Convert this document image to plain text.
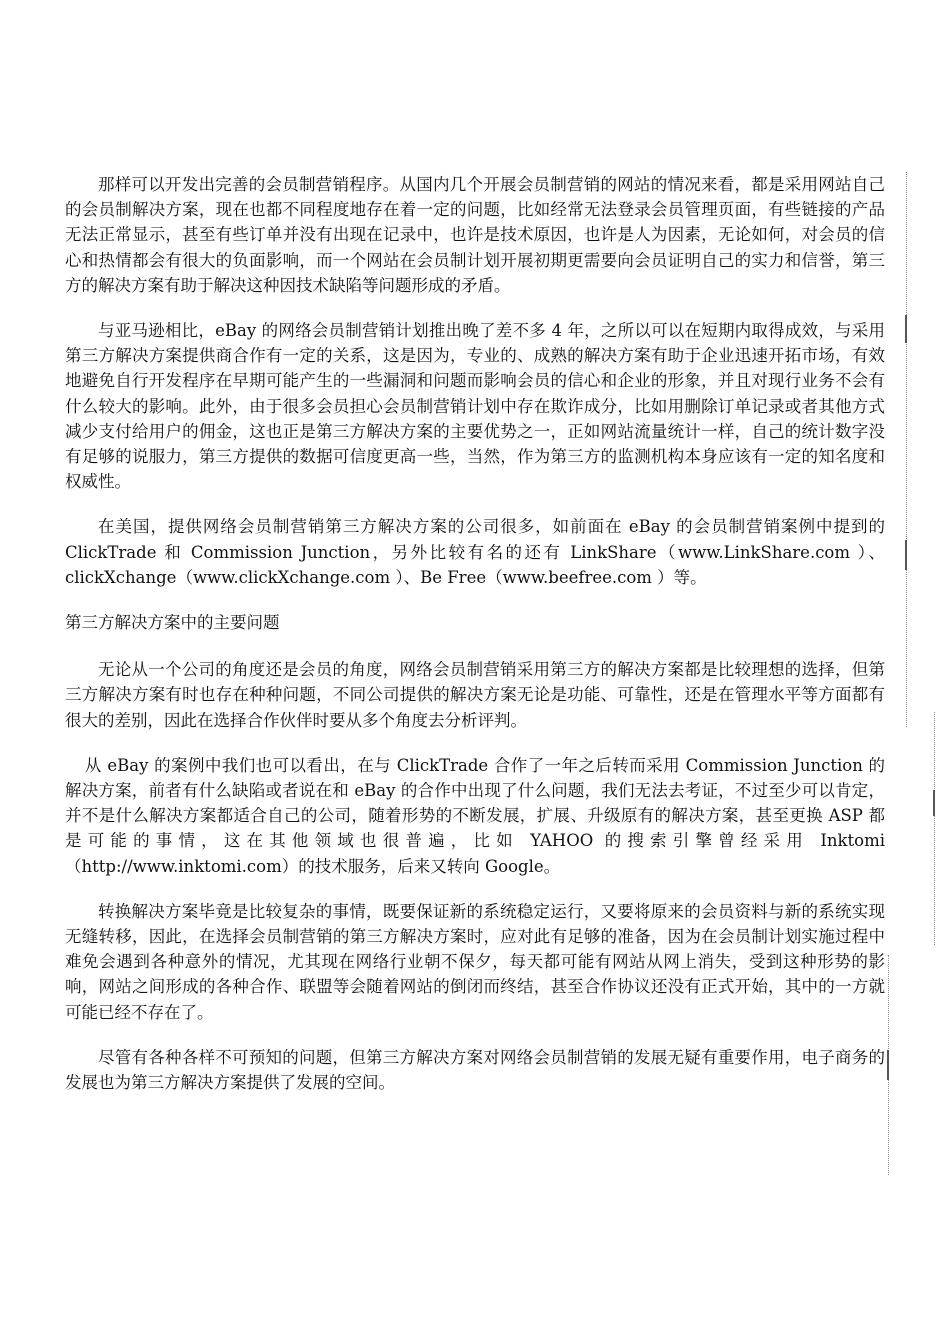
那样可以开发出完善的会员制营销程序。从国内几个开展会员制营销的网站的情况来看，都是采用网站自己的会员制解决方案，现在也都不同程度地存在着一定的问题，比如经常无法登录会员管理页面，有些链接的产品无法正常显示，甚至有些订单并没有出现在记录中，也许是技术原因，也许是人为因素，无论如何，对会员的信心和热情都会有很大的负面影响，而一个网站在会员制计划开展初期更需要向会员证明自己的实力和信誉，第三方的解决方案有助于解决这种因技术缺陷等问题形成的矛盾。

与亚马逊相比，eBay 的网络会员制营销计划推出晚了差不多 4 年，之所以可以在短期内取得成效，与采用第三方解决方案提供商合作有一定的关系，这是因为，专业的、成熟的解决方案有助于企业迅速开拓市场，有效地避免自行开发程序在早期可能产生的一些漏洞和问题而影响会员的信心和企业的形象，并且对现行业务不会有什么较大的影响。此外，由于很多会员担心会员制营销计划中存在欺诈成分，比如用删除订单记录或者其他方式减少支付给用户的佣金，这也正是第三方解决方案的主要优势之一，正如网站流量统计一样，自己的统计数字没有足够的说服力，第三方提供的数据可信度更高一些，当然，作为第三方的监测机构本身应该有一定的知名度和权威性。

在美国，提供网络会员制营销第三方解决方案的公司很多，如前面在 eBay 的会员制营销案例中提到的 ClickTrade 和 Commission Junction，另外比较有名的还有 LinkShare（www.LinkShare.com ）、clickXchange（www.clickXchange.com ）、Be Free（www.beefree.com ）等。

第三方解决方案中的主要问题

无论从一个公司的角度还是会员的角度，网络会员制营销采用第三方的解决方案都是比较理想的选择，但第三方解决方案有时也存在种种问题，不同公司提供的解决方案无论是功能、可靠性，还是在管理水平等方面都有很大的差别，因此在选择合作伙伴时要从多个角度去分析评判。

从 eBay 的案例中我们也可以看出，在与 ClickTrade 合作了一年之后转而采用 Commission Junction 的解决方案，前者有什么缺陷或者说在和 eBay 的合作中出现了什么问题，我们无法去考证，不过至少可以肯定，并不是什么解决方案都适合自己的公司，随着形势的不断发展，扩展、升级原有的解决方案，甚至更换 ASP 都是可能的事情，这在其他领域也很普遍，比如 YAHOO 的搜索引擎曾经采用 Inktomi（http://www.inktomi.com）的技术服务，后来又转向 Google。

转换解决方案毕竟是比较复杂的事情，既要保证新的系统稳定运行，又要将原来的会员资料与新的系统实现无缝转移，因此，在选择会员制营销的第三方解决方案时，应对此有足够的准备，因为在会员制计划实施过程中难免会遇到各种意外的情况，尤其现在网络行业朝不保夕，每天都可能有网站从网上消失，受到这种形势的影响，网站之间形成的各种合作、联盟等会随着网站的倒闭而终结，甚至合作协议还没有正式开始，其中的一方就可能已经不存在了。

尽管有各种各样不可预知的问题，但第三方解决方案对网络会员制营销的发展无疑有重要作用，电子商务的发展也为第三方解决方案提供了发展的空间。
